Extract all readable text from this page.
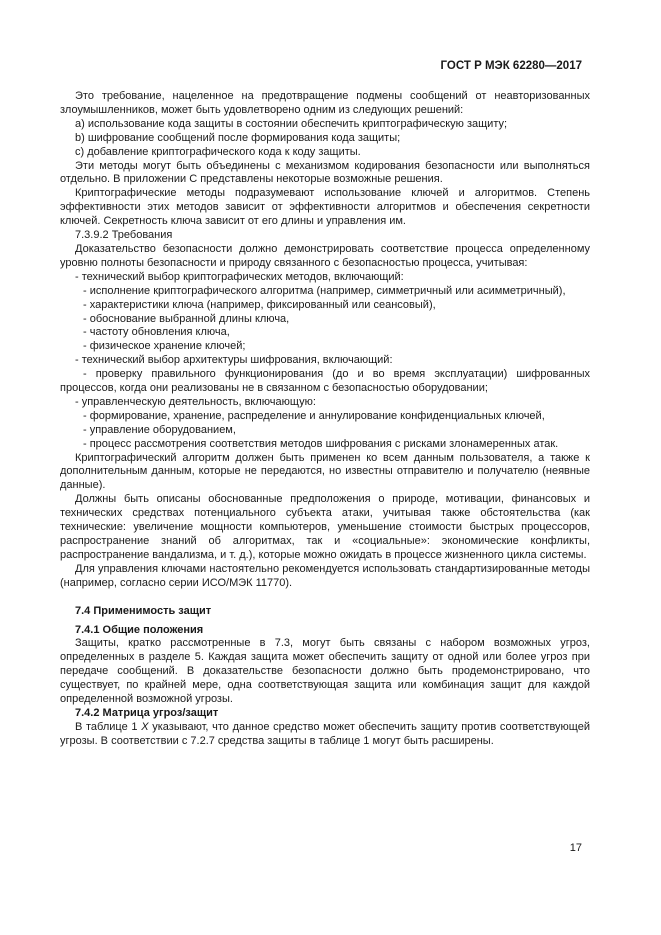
ГОСТ Р МЭК 62280—2017

Это требование, нацеленное на предотвращение подмены сообщений от неавторизованных злоумышленников, может быть удовлетворено одним из следующих решений:

a) использование кода защиты в состоянии обеспечить криптографическую защиту;

b) шифрование сообщений после формирования кода защиты;

c) добавление криптографического кода к коду защиты.

Эти методы могут быть объединены с механизмом кодирования безопасности или выполняться отдельно. В приложении С представлены некоторые возможные решения.

Криптографические методы подразумевают использование ключей и алгоритмов. Степень эффективности этих методов зависит от эффективности алгоритмов и обеспечения секретности ключей. Секретность ключа зависит от его длины и управления им.

7.3.9.2 Требования

Доказательство безопасности должно демонстрировать соответствие процесса определенному уровню полноты безопасности и природу связанного с безопасностью процесса, учитывая:

- технический выбор криптографических методов, включающий:

- исполнение криптографического алгоритма (например, симметричный или асимметричный),

- характеристики ключа (например, фиксированный или сеансовый),

- обоснование выбранной длины ключа,

- частоту обновления ключа,

- физическое хранение ключей;

- технический выбор архитектуры шифрования, включающий:

- проверку правильного функционирования (до и во время эксплуатации) шифрованных процессов, когда они реализованы не в связанном с безопасностью оборудовании;

- управленческую деятельность, включающую:

- формирование, хранение, распределение и аннулирование конфиденциальных ключей,

- управление оборудованием,

- процесс рассмотрения соответствия методов шифрования с рисками злонамеренных атак.

Криптографический алгоритм должен быть применен ко всем данным пользователя, а также к дополнительным данным, которые не передаются, но известны отправителю и получателю (неявные данные).

Должны быть описаны обоснованные предположения о природе, мотивации, финансовых и технических средствах потенциального субъекта атаки, учитывая также обстоятельства (как технические: увеличение мощности компьютеров, уменьшение стоимости быстрых процессоров, распространение знаний об алгоритмах, так и «социальные»: экономические конфликты, распространение вандализма, и т. д.), которые можно ожидать в процессе жизненного цикла системы.

Для управления ключами настоятельно рекомендуется использовать стандартизированные методы (например, согласно серии ИСО/МЭК 11770).

7.4 Применимость защит
7.4.1 Общие положения

Защиты, кратко рассмотренные в 7.3, могут быть связаны с набором возможных угроз, определенных в разделе 5. Каждая защита может обеспечить защиту от одной или более угроз при передаче сообщений. В доказательстве безопасности должно быть продемонстрировано, что существует, по крайней мере, одна соответствующая защита или комбинация защит для каждой определенной возможной угрозы.

7.4.2 Матрица угроз/защит

В таблице 1 X указывают, что данное средство может обеспечить защиту против соответствующей угрозы. В соответствии с 7.2.7 средства защиты в таблице 1 могут быть расширены.

17
